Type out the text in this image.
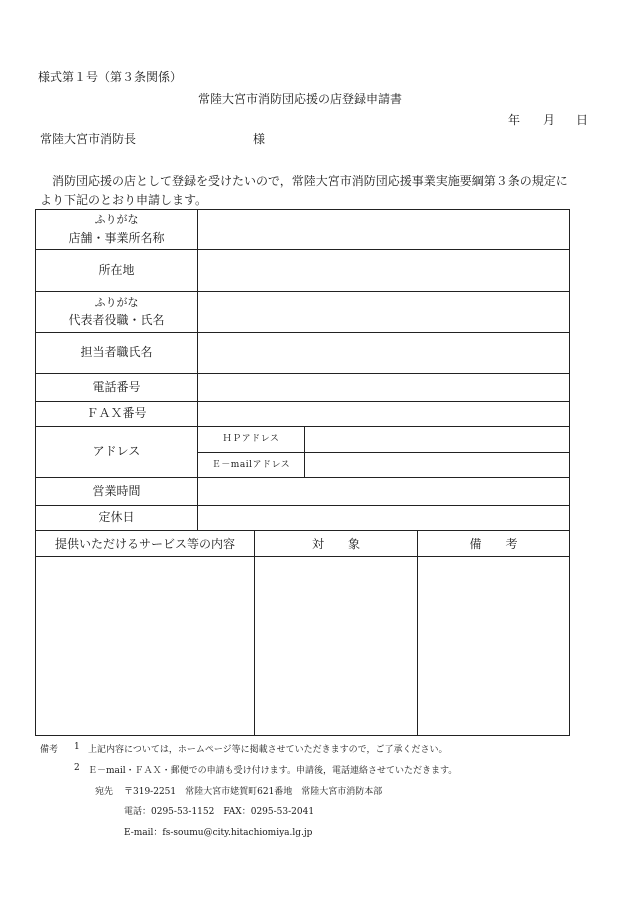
様式第１号（第３条関係）
常陸大宮市消防団応援の店登録申請書
年 月 日
常陸大宮市消防長	様
消防団応援の店として登録を受けたいので，常陸大宮市消防団応援事業実施要綱第３条の規定に
より下記のとおり申請します。
ふりがな
店舗・事業所名称		

所在地		

ふりがな
代表者役職・氏名		

担当者職氏名		
電話番号		
ＦＡＸ番号		
アドレス	ＨＰアドレス	
	Ｅ－mailアドレス	
営業時間		
定休日		
提供いただけるサービス等の内容	対　　象	備　　考

備考 1 上記内容については，ホームページ等に掲載させていただきますので，ご了承ください。
2 Ｅ－mail・ＦＡＸ・郵便での申請も受け付けます。申請後，電話連絡させていただきます。
宛先 〒319-2251　常陸大宮市姥賀町621番地　常陸大宮市消防本部
電話：0295-53-1152　FAX：0295-53-2041
E-mail：fs-soumu@city.hitachiomiya.lg.jp
